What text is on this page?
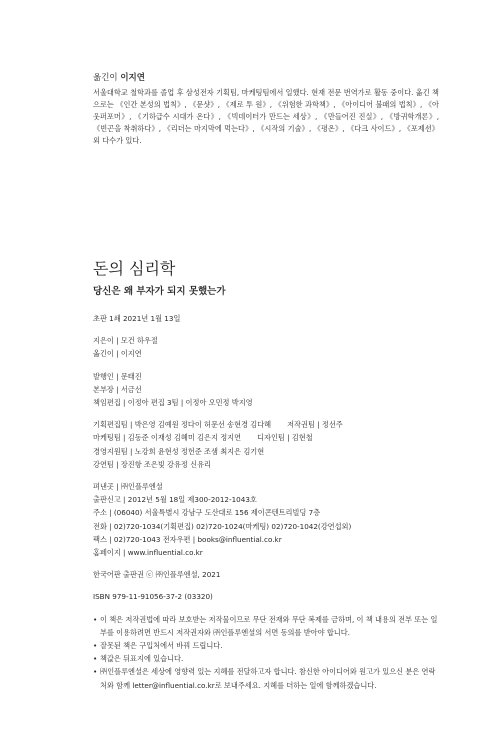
옮긴이 이지연

서울대학교 철학과를 졸업 후 삼성전자 기획팀, 마케팅팀에서 일했다. 현재 전문 번역가로 활동 중이다. 옮긴 책으로는 《인간 본성의 법칙》, 《문샷》, 《제로 투 원》, 《위험한 과학책》, 《아이디어 불패의 법칙》, 《아웃퍼포머》, 《기하급수 시대가 온다》, 《빅데이터가 만드는 세상》, 《만들어진 진실》, 《방귀학개론》, 《빈곤을 착취하다》, 《리더는 마지막에 먹는다》, 《시작의 기술》, 《평온》, 《다크 사이드》, 《포제션》 외 다수가 있다.

돈의 심리학

당신은 왜 부자가 되지 못했는가

초판 1쇄 2021년 1월 13일

지은이 | 모건 하우절

옮긴이 | 이지연

발행인 | 문태진

본부장 | 서금선

책임편집 | 이정아 편집 3팀 | 이정아 오민정 박지영

기획편집팀 | 박은영 김예원 정다이 허문선 송현경 김다혜 저작권팀 | 정선주

마케팅팀 | 김동준 이재성 김혜미 김은지 정지연 디자인팀 | 김현철

경영지원팀 | 노강희 윤현성 정헌준 조샘 최지은 김기현

강연팀 | 장진항 조은빛 강유정 신유리

펴낸곳 | ㈜인플루엔셜

출판신고 | 2012년 5월 18일 제300-2012-1043호

주소 | (06040) 서울특별시 강남구 도산대로 156 제이콘텐트리빌딩 7층

전화 | 02)720-1034(기획편집) 02)720-1024(마케팅) 02)720-1042(강연섭외)

팩스 | 02)720-1043 전자우편 | books@influential.co.kr

홈페이지 | www.influential.co.kr

한국어판 출판권 ⓒ ㈜인플루엔셜, 2021

ISBN 979-11-91056-37-2 (03320)

• 이 책은 저작권법에 따라 보호받는 저작물이므로 무단 전재와 무단 복제를 금하며, 이 책 내용의 전부 또는 일부를 이용하려면 반드시 저작권자와 ㈜인플루엔셜의 서면 동의를 받아야 합니다.
• 잘못된 책은 구입처에서 바꿔 드립니다.
• 책값은 뒤표지에 있습니다.
• ㈜인플루엔셜은 세상에 영향력 있는 지혜를 전달하고자 합니다. 참신한 아이디어와 원고가 있으신 분은 연락처와 함께 letter@influential.co.kr로 보내주세요. 지혜를 더하는 일에 함께하겠습니다.
